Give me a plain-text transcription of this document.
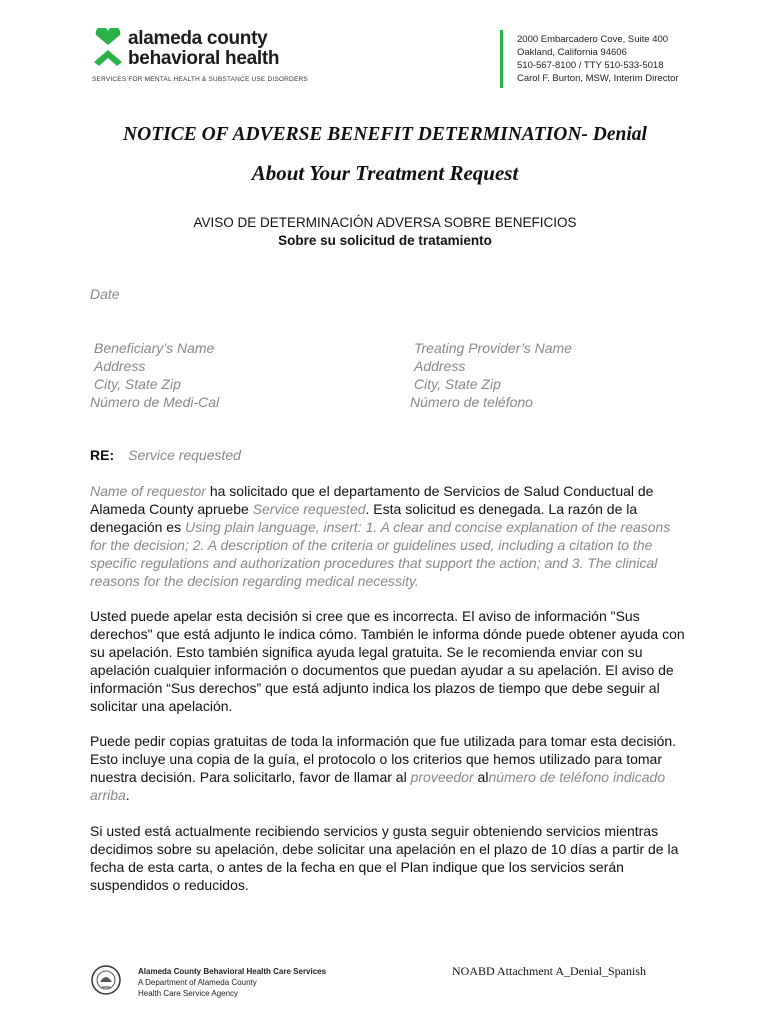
alameda county
behavioral health
SERVICES FOR MENTAL HEALTH & SUBSTANCE USE DISORDERS
2000 Embarcadero Cove, Suite 400
Oakland, California 94606
510-567-8100 / TTY 510-533-5018
Carol F. Burton, MSW, Interim Director
NOTICE OF ADVERSE BENEFIT DETERMINATION- Denial
About Your Treatment Request
AVISO DE DETERMINACIÓN ADVERSA SOBRE BENEFICIOS
Sobre su solicitud de tratamiento
Date
Beneficiary’s Name
Address
City, State Zip
Número de Medi-Cal
Treating Provider’s Name
Address
City, State Zip
Número de teléfono
RE: Service requested
Name of requestor ha solicitado que el departamento de Servicios de Salud Conductual de Alameda County apruebe Service requested. Esta solicitud es denegada. La razón de la denegación es Using plain language, insert: 1. A clear and concise explanation of the reasons for the decision; 2. A description of the criteria or guidelines used, including a citation to the specific regulations and authorization procedures that support the action; and 3. The clinical reasons for the decision regarding medical necessity.
Usted puede apelar esta decisión si cree que es incorrecta. El aviso de información "Sus derechos" que está adjunto le indica cómo. También le informa dónde puede obtener ayuda con su apelación. Esto también significa ayuda legal gratuita. Se le recomienda enviar con su apelación cualquier información o documentos que puedan ayudar a su apelación. El aviso de información “Sus derechos” que está adjunto indica los plazos de tiempo que debe seguir al solicitar una apelación.
Puede pedir copias gratuitas de toda la información que fue utilizada para tomar esta decisión. Esto incluye una copia de la guía, el protocolo o los criterios que hemos utilizado para tomar nuestra decisión. Para solicitarlo, favor de llamar al proveedor alnúmero de teléfono indicado arriba.
Si usted está actualmente recibiendo servicios y gusta seguir obteniendo servicios mientras decidimos sobre su apelación, debe solicitar una apelación en el plazo de 10 días a partir de la fecha de esta carta, o antes de la fecha en que el Plan indique que los servicios serán suspendidos o reducidos.
Alameda County Behavioral Health Care Services
A Department of Alameda County
Health Care Service Agency
NOABD Attachment A_Denial_Spanish
